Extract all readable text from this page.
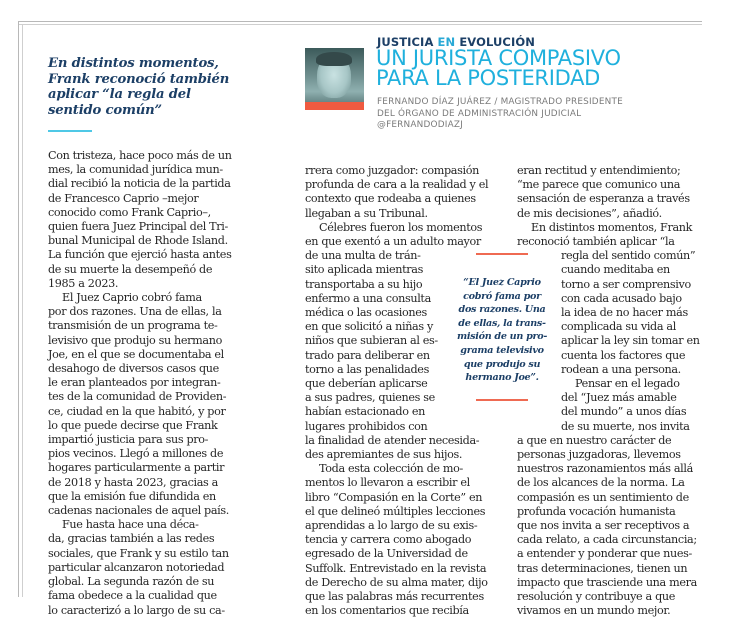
En distintos momentos,
Frank reconoció también
aplicar “la regla del
sentido común”
JUSTICIA EN EVOLUCIÓN
UN JURISTA COMPASIVO
PARA LA POSTERIDAD
FERNANDO DÍAZ JUÁREZ / MAGISTRADO PRESIDENTE
DEL ÓRGANO DE ADMINISTRACIÓN JUDICIAL
@FERNANDODIAZJ
Con tristeza, hace poco más de un
mes, la comunidad jurídica mun-
dial recibió la noticia de la partida
de Francesco Caprio –mejor
conocido como Frank Caprio–,
quien fuera Juez Principal del Tri-
bunal Municipal de Rhode Island.
La función que ejerció hasta antes
de su muerte la desempeñó de
1985 a 2023.
El Juez Caprio cobró fama
por dos razones. Una de ellas, la
transmisión de un programa te-
levisivo que produjo su hermano
Joe, en el que se documentaba el
desahogo de diversos casos que
le eran planteados por integran-
tes de la comunidad de Providen-
ce, ciudad en la que habitó, y por
lo que puede decirse que Frank
impartió justicia para sus pro-
pios vecinos. Llegó a millones de
hogares particularmente a partir
de 2018 y hasta 2023, gracias a
que la emisión fue difundida en
cadenas nacionales de aquel país.
Fue hasta hace una déca-
da, gracias también a las redes
sociales, que Frank y su estilo tan
particular alcanzaron notoriedad
global. La segunda razón de su
fama obedece a la cualidad que
lo caracterizó a lo largo de su ca-
rrera como juzgador: compasión
profunda de cara a la realidad y el
contexto que rodeaba a quienes
llegaban a su Tribunal.
Célebres fueron los momentos
en que exentó a un adulto mayor
de una multa de trán-
sito aplicada mientras
transportaba a su hijo
enfermo a una consulta
médica o las ocasiones
en que solicitó a niñas y
niños que subieran al es-
trado para deliberar en
torno a las penalidades
que deberían aplicarse
a sus padres, quienes se
habían estacionado en
lugares prohibidos con
la finalidad de atender necesida-
des apremiantes de sus hijos.
Toda esta colección de mo-
mentos lo llevaron a escribir el
libro “Compasión en la Corte” en
el que delineó múltiples lecciones
aprendidas a lo largo de su exis-
tencia y carrera como abogado
egresado de la Universidad de
Suffolk. Entrevistado en la revista
de Derecho de su alma mater, dijo
que las palabras más recurrentes
en los comentarios que recibía
eran rectitud y entendimiento;
“me parece que comunico una
sensación de esperanza a través
de mis decisiones”, añadió.
En distintos momentos, Frank
reconoció también aplicar “la
regla del sentido común”
cuando meditaba en
torno a ser comprensivo
con cada acusado bajo
la idea de no hacer más
complicada su vida al
aplicar la ley sin tomar en
cuenta los factores que
rodean a una persona.
Pensar en el legado
del “Juez más amable
del mundo” a unos días
de su muerte, nos invita
a que en nuestro carácter de
personas juzgadoras, llevemos
nuestros razonamientos más allá
de los alcances de la norma. La
compasión es un sentimiento de
profunda vocación humanista
que nos invita a ser receptivos a
cada relato, a cada circunstancia;
a entender y ponderar que nues-
tras determinaciones, tienen un
impacto que trasciende una mera
resolución y contribuye a que
vivamos en un mundo mejor.
“El Juez Caprio
cobró fama por
dos razones. Una
de ellas, la trans-
misión de un pro-
grama televisivo
que produjo su
hermano Joe”.
